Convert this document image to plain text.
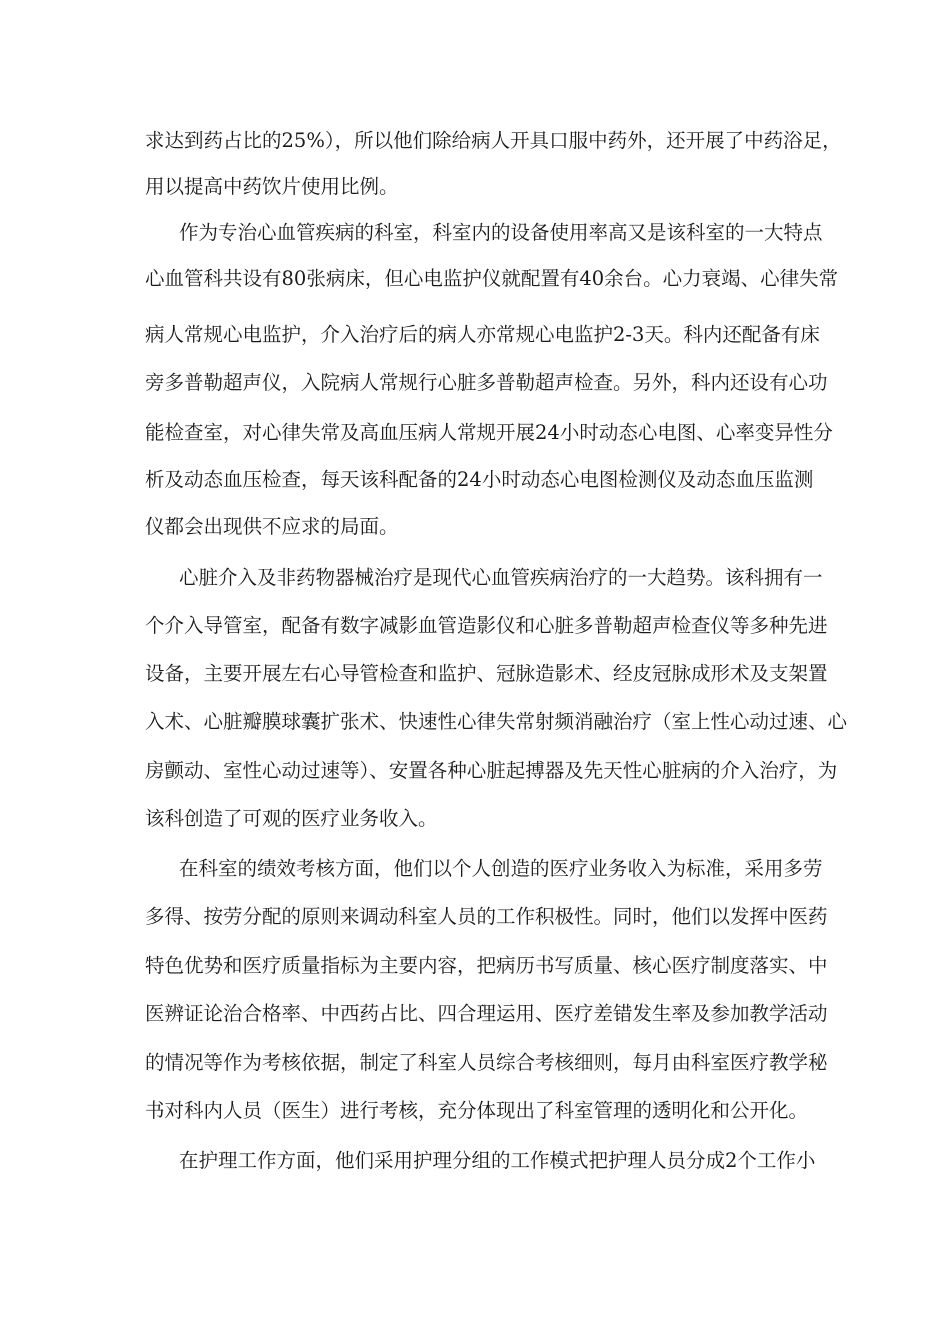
求达到药占比的25%），所以他们除给病人开具口服中药外，还开展了中药浴足，

用以提高中药饮片使用比例。

作为专治心血管疾病的科室，科室内的设备使用率高又是该科室的一大特点

心血管科共设有80张病床，但心电监护仪就配置有40余台。心力衰竭、心律失常

病人常规心电监护，介入治疗后的病人亦常规心电监护2-3天。科内还配备有床

旁多普勒超声仪，入院病人常规行心脏多普勒超声检查。另外，科内还设有心功

能检查室，对心律失常及高血压病人常规开展24小时动态心电图、心率变异性分

析及动态血压检查，每天该科配备的24小时动态心电图检测仪及动态血压监测

仪都会出现供不应求的局面。

心脏介入及非药物器械治疗是现代心血管疾病治疗的一大趋势。该科拥有一

个介入导管室，配备有数字减影血管造影仪和心脏多普勒超声检查仪等多种先进

设备，主要开展左右心导管检查和监护、冠脉造影术、经皮冠脉成形术及支架置

入术、心脏瓣膜球囊扩张术、快速性心律失常射频消融治疗（室上性心动过速、心

房颤动、室性心动过速等）、安置各种心脏起搏器及先天性心脏病的介入治疗，为

该科创造了可观的医疗业务收入。

在科室的绩效考核方面，他们以个人创造的医疗业务收入为标准，采用多劳

多得、按劳分配的原则来调动科室人员的工作积极性。同时，他们以发挥中医药

特色优势和医疗质量指标为主要内容，把病历书写质量、核心医疗制度落实、中

医辨证论治合格率、中西药占比、四合理运用、医疗差错发生率及参加教学活动

的情况等作为考核依据，制定了科室人员综合考核细则，每月由科室医疗教学秘

书对科内人员（医生）进行考核，充分体现出了科室管理的透明化和公开化。

在护理工作方面，他们采用护理分组的工作模式把护理人员分成2个工作小
